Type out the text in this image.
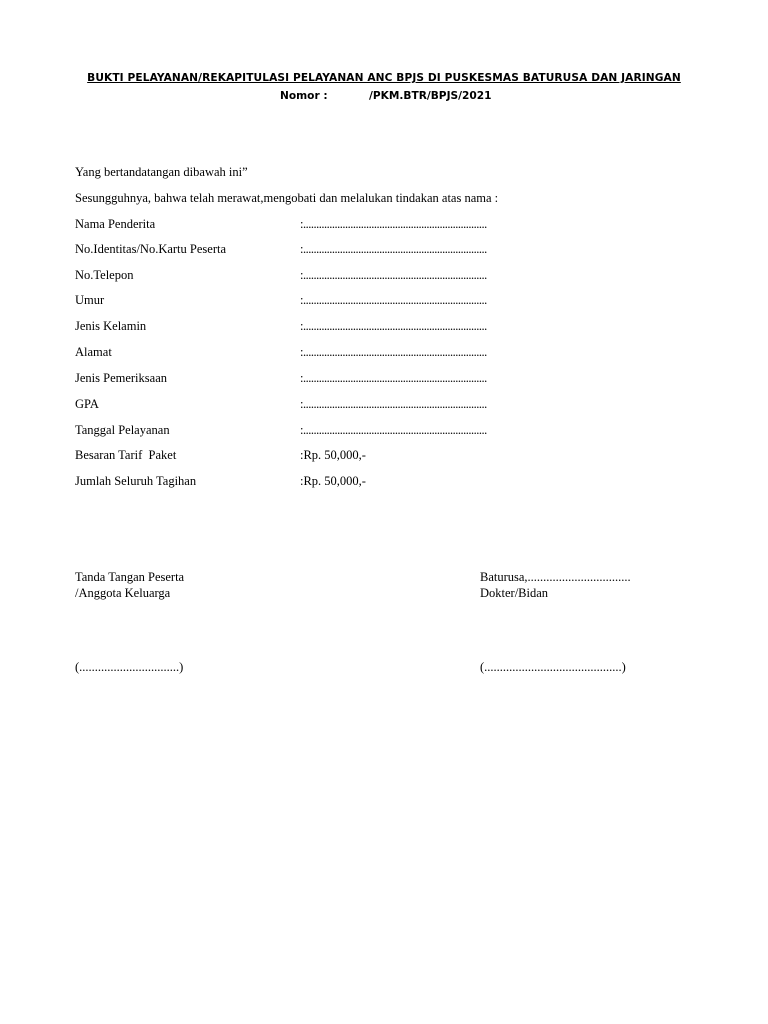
BUKTI PELAYANAN/REKAPITULASI PELAYANAN ANC BPJS DI PUSKESMAS BATURUSA DAN JARINGAN
Nomor :	/PKM.BTR/BPJS/2021
Yang bertandatangan dibawah ini”
Sesungguhnya, bahwa telah merawat,mengobati dan melalukan tindakan atas nama :
Nama Penderita	:......................................................................
No.Identitas/No.Kartu Peserta	:......................................................................
No.Telepon	:......................................................................
Umur	:......................................................................
Jenis Kelamin	:......................................................................
Alamat	:......................................................................
Jenis Pemeriksaan	:......................................................................
GPA	:......................................................................
Tanggal Pelayanan	:......................................................................
Besaran Tarif  Paket	:Rp. 50,000,-
Jumlah Seluruh Tagihan	:Rp. 50,000,-
Tanda Tangan Peserta
/Anggota Keluarga
Baturusa,.................................
Dokter/Bidan
(................................)	(............................................)
